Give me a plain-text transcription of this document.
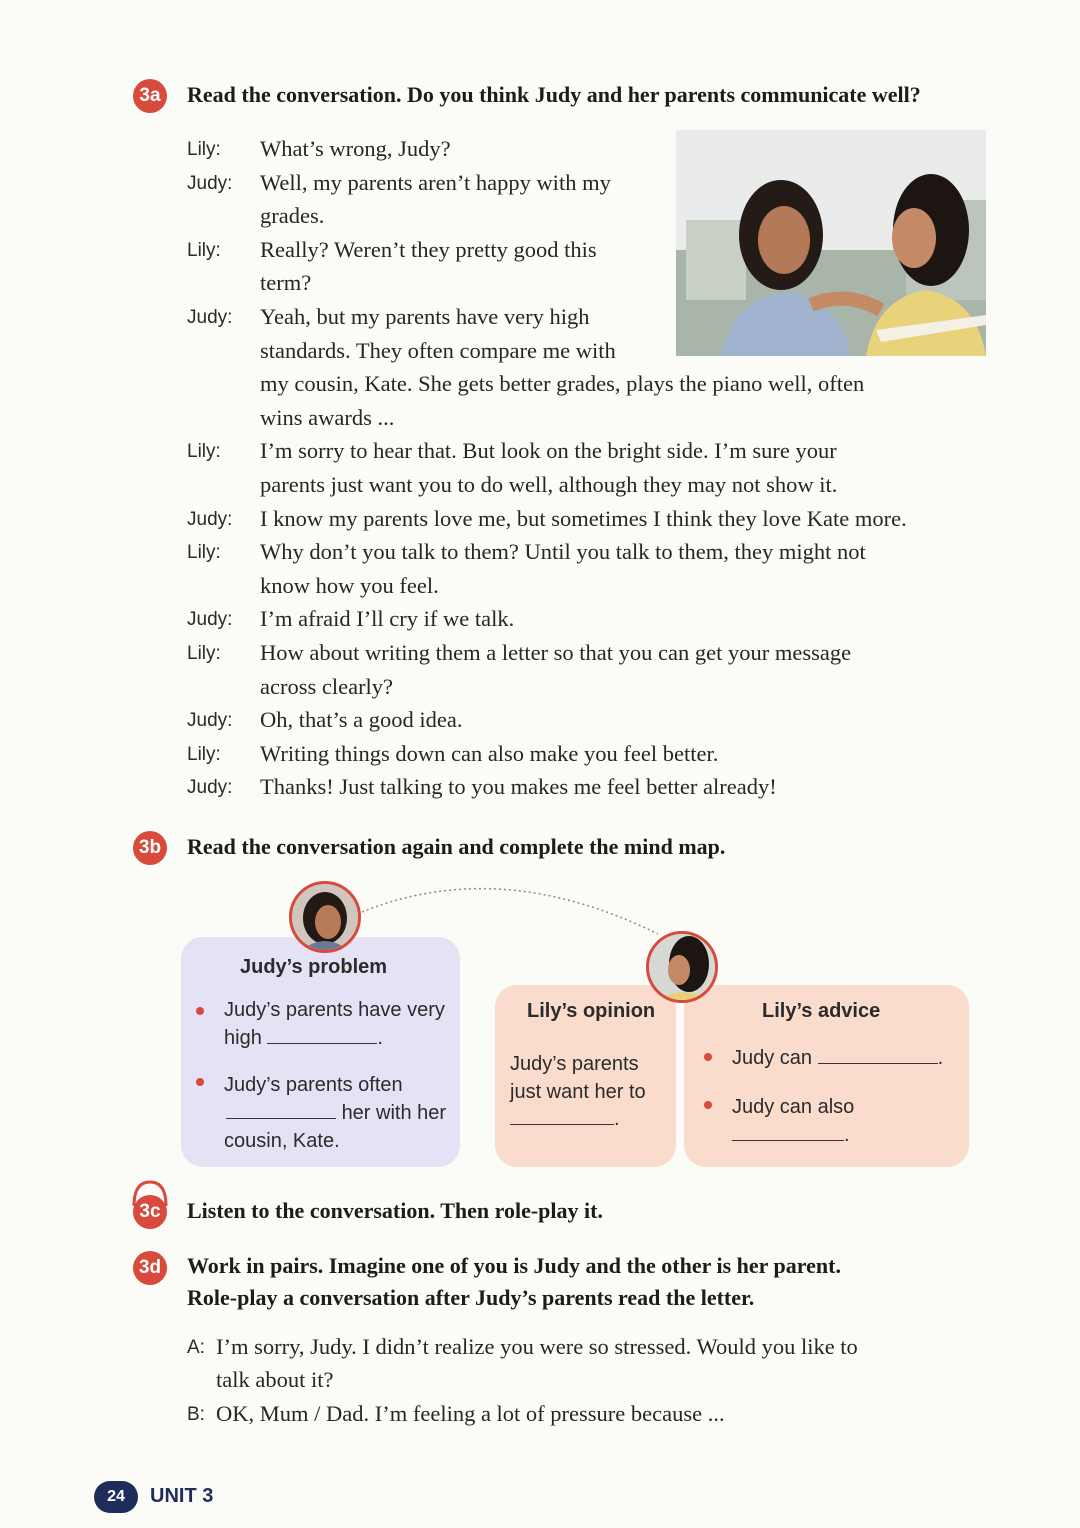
3a Read the conversation. Do you think Judy and her parents communicate well?
Lily: What’s wrong, Judy?
Judy: Well, my parents aren’t happy with my
grades.
Lily: Really? Weren’t they pretty good this
term?
Judy: Yeah, but my parents have very high
standards. They often compare me with
my cousin, Kate. She gets better grades, plays the piano well, often
wins awards ...
Lily: I’m sorry to hear that. But look on the bright side. I’m sure your
parents just want you to do well, although they may not show it.
Judy: I know my parents love me, but sometimes I think they love Kate more.
Lily: Why don’t you talk to them? Until you talk to them, they might not
know how you feel.
Judy: I’m afraid I’ll cry if we talk.
Lily: How about writing them a letter so that you can get your message
across clearly?
Judy: Oh, that’s a good idea.
Lily: Writing things down can also make you feel better.
Judy: Thanks! Just talking to you makes me feel better already!
3b Read the conversation again and complete the mind map.
Judy’s problem
Judy’s parents have very
high	.
Judy’s parents often
her with her
cousin, Kate.
Lily’s opinion
Judy’s parents
just want her to
.
Lily’s advice
Judy can	.
Judy can also
.
3c Listen to the conversation. Then role-play it.
3d Work in pairs. Imagine one of you is Judy and the other is her parent.
Role-play a conversation after Judy’s parents read the letter.
A: I’m sorry, Judy. I didn’t realize you were so stressed. Would you like to
talk about it?
B: OK, Mum / Dad. I’m feeling a lot of pressure because ...
24	UNIT 3
